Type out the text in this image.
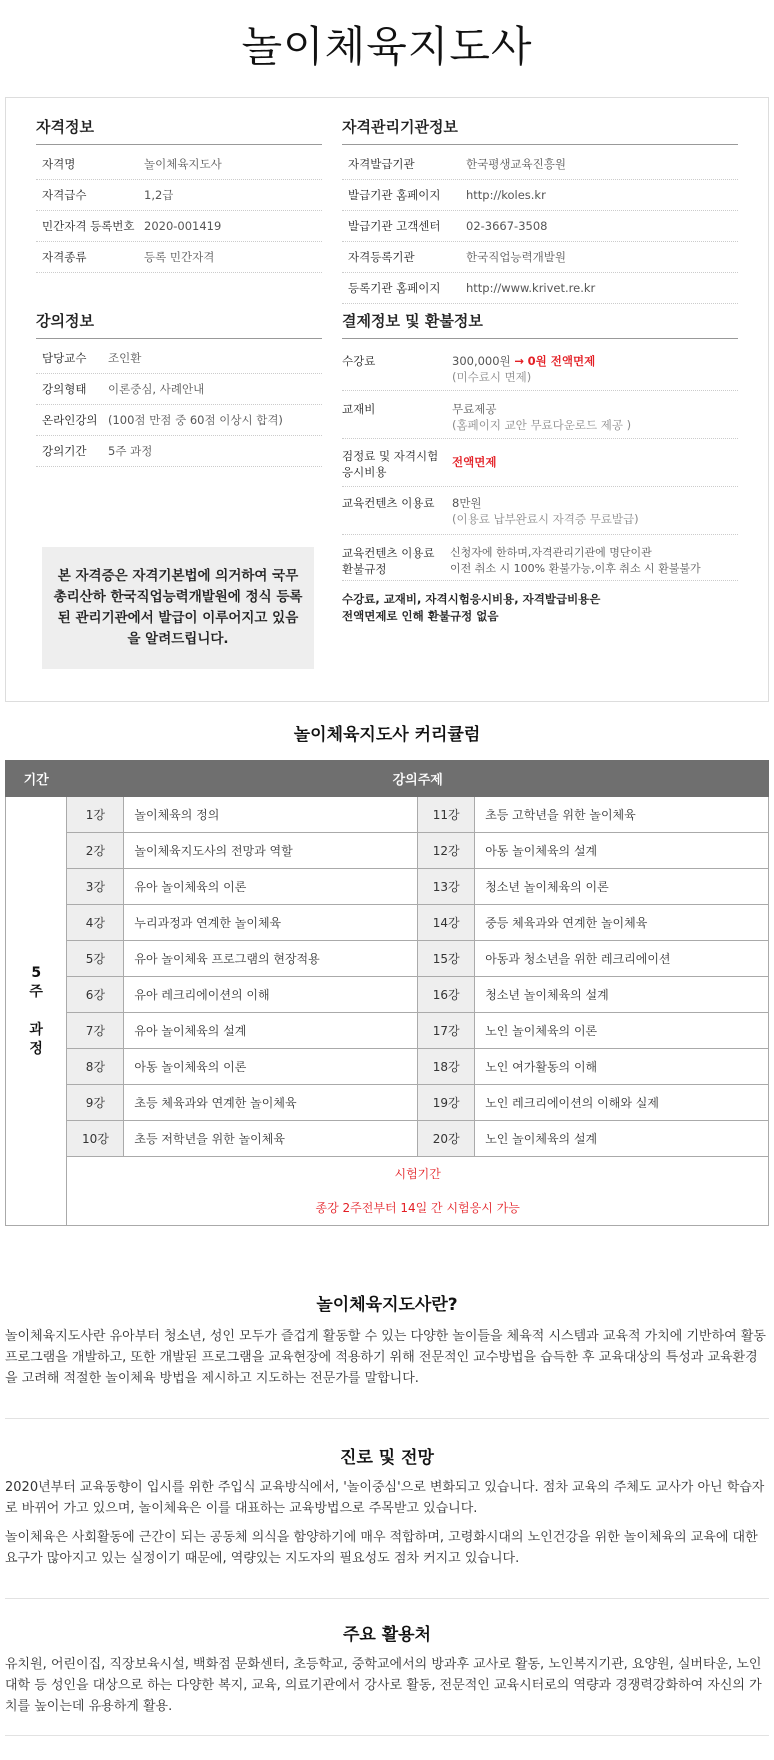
놀이체육지도사
자격정보
자격명	놀이체육지도사
자격급수	1,2급
민간자격 등록번호 2020-001419
자격종류	등록 민간자격
자격관리기관정보
자격발급기관	한국평생교육진흥원
발급기관 홈페이지	http://koles.kr
발급기관 고객센터	02-3667-3508
자격등록기관	한국직업능력개발원
등록기관 홈페이지	http://www.krivet.re.kr
강의정보
담당교수	조인환
강의형태	이론중심, 사례안내
온라인강의 (100점 만점 중 60점 이상시 합격)
강의기간	5주 과정
본 자격증은 자격기본법에 의거하여 국무총리산하 한국직업능력개발원에 정식 등록된 관리기관에서 발급이 이루어지고 있음을 알려드립니다.
결제정보 및 환불정보
수강료	300,000원 → 0원 전액면제
(미수료시 면제)
교재비	무료제공
(홈페이지 교안 무료다운로드 제공 )
검정료 및 자격시험
응시비용
전액면제
교육컨텐츠 이용료	8만원
(이용료 납부완료시 자격증 무료발급)
교육컨텐츠 이용료
환불규정
신청자에 한하며,자격관리기관에 명단이관
이전 취소 시 100% 환불가능,이후 취소 시 환불불가
수강료, 교재비, 자격시험응시비용, 자격발급비용은
전액면제로 인해 환불규정 없음
놀이체육지도사 커리큘럼
기간	강의주제			

5
주
과
정	1강	놀이체육의 정의	11강	초등 고학년을 위한 놀이체육
	2강	놀이체육지도사의 전망과 역할	12강	아동 놀이체육의 설계
	3강	유아 놀이체육의 이론	13강	청소년 놀이체육의 이론
	4강	누리과정과 연계한 놀이체육	14강	중등 체육과와 연계한 놀이체육
	5강	유아 놀이체육 프로그램의 현장적용	15강	아동과 청소년을 위한 레크리에이션
	6강	유아 레크리에이션의 이해	16강	청소년 놀이체육의 설계
	7강	유아 놀이체육의 설계	17강	노인 놀이체육의 이론
	8강	아동 놀이체육의 이론	18강	노인 여가활동의 이해
	9강	초등 체육과와 연계한 놀이체육	19강	노인 레크리에이션의 이해와 실제
	10강	초등 저학년을 위한 놀이체육	20강	노인 놀이체육의 설계

	시험기간
종강 2주전부터 14일 간 시험응시 가능			
놀이체육지도사란?
놀이체육지도사란 유아부터 청소년, 성인 모두가 즐겁게 활동할 수 있는 다양한 놀이들을 체육적 시스템과 교육적 가치에 기반하여 활동 프로그램을 개발하고, 또한 개발된 프로그램을 교육현장에 적용하기 위해 전문적인 교수방법을 습득한 후 교육대상의 특성과 교육환경을 고려해 적절한 놀이체육 방법을 제시하고 지도하는 전문가를 말합니다.
진로 및 전망
2020년부터 교육동향이 입시를 위한 주입식 교육방식에서, '놀이중심'으로 변화되고 있습니다. 점차 교육의 주체도 교사가 아닌 학습자로 바뀌어 가고 있으며, 놀이체육은 이를 대표하는 교육방법으로 주목받고 있습니다.
놀이체육은 사회활동에 근간이 되는 공동체 의식을 함양하기에 매우 적합하며, 고령화시대의 노인건강을 위한 놀이체육의 교육에 대한 요구가 많아지고 있는 실정이기 때문에, 역량있는 지도자의 필요성도 점차 커지고 있습니다.
주요 활용처
유치원, 어린이집, 직장보육시설, 백화점 문화센터, 초등학교, 중학교에서의 방과후 교사로 활동, 노인복지기관, 요양원, 실버타운, 노인대학 등 성인을 대상으로 하는 다양한 복지, 교육, 의료기관에서 강사로 활동, 전문적인 교육시터로의 역량과 경쟁력강화하여 자신의 가치를 높이는데 유용하게 활용.
